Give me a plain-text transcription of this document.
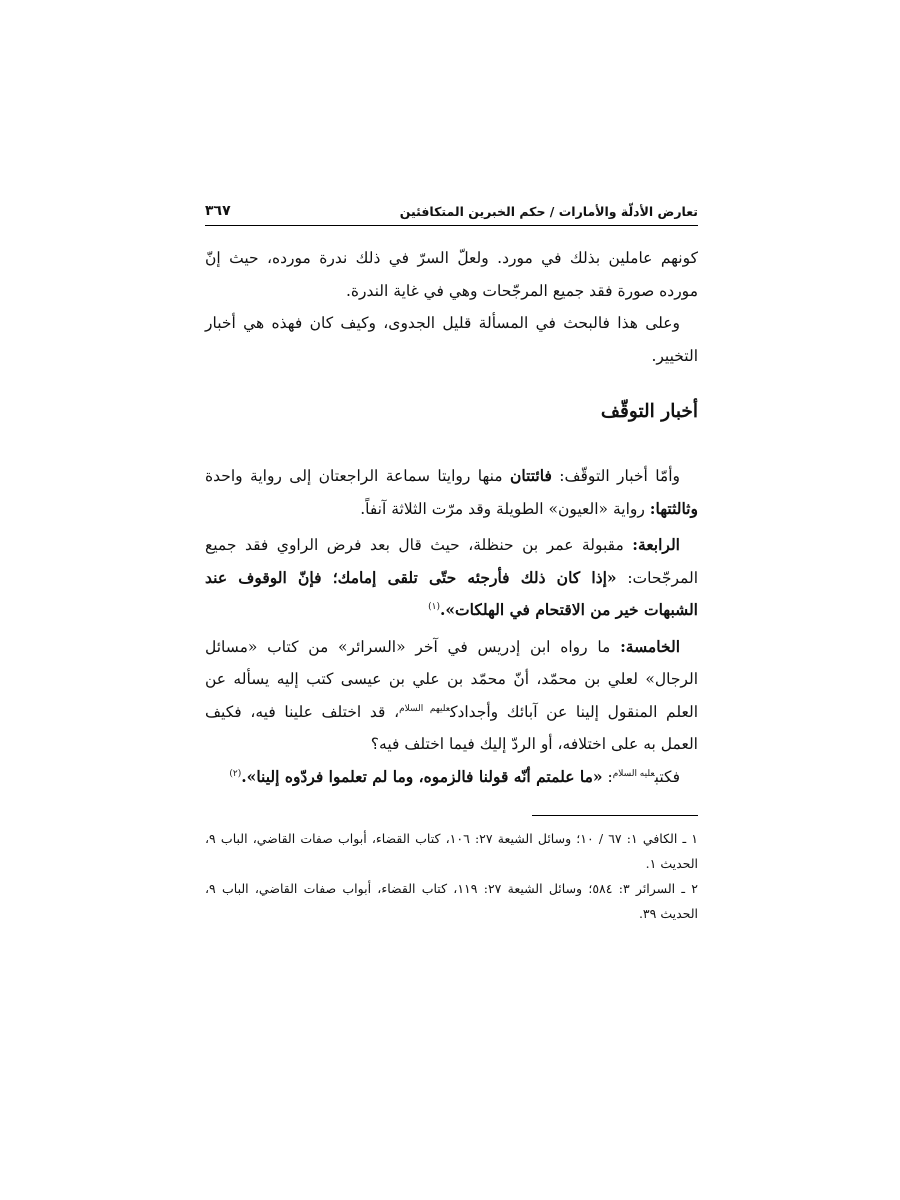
تعارض الأدلّة والأمارات / حكم الخبرين المتكافئين
٣٦٧

كونهم عاملين بذلك في مورد. ولعلّ السرّ في ذلك ندرة مورده، حيث إنّ مورده صورة فقد جميع المرجّحات وهي في غاية الندرة.

وعلى هذا فالبحث في المسألة قليل الجدوى، وكيف كان فهذه هي أخبار التخيير.

أخبار التوقّف

وأمّا أخبار التوقّف: فائتتان منها روايتا سماعة الراجعتان إلى رواية واحدة وثالثتها: رواية «العيون» الطويلة وقد مرّت الثلاثة آنفاً.

الرابعة: مقبولة عمر بن حنظلة، حيث قال بعد فرض الراوي فقد جميع المرجّحات: «إذا كان ذلك فأرجئه حتّى تلقى إمامك؛ فإنّ الوقوف عند الشبهات خير من الاقتحام في الهلكات».$^{(١)}$

الخامسة: ما رواه ابن إدريس في آخر «السرائر» من كتاب «مسائل الرجال» لعلي بن محمّد، أنّ محمّد بن علي بن عيسى كتب إليه يسأله عن العلم المنقول إلينا عن آبائك وأجدادك$^{عليهم السلام}$، قد اختلف علينا فيه، فكيف العمل به على اختلافه، أو الردّ إليك فيما اختلف فيه؟

فكتب$^{عليه السلام}$: «ما علمتم أنّه قولنا فالزموه، وما لم تعلموا فردّوه إلينا».$^{(٢)}$

١ ـ الكافي ١: ٦٧ / ١٠؛ وسائل الشيعة ٢٧: ١٠٦، كتاب القضاء، أبواب صفات القاضي، الباب ٩، الحديث ١.

٢ ـ السرائر ٣: ٥٨٤؛ وسائل الشيعة ٢٧: ١١٩، كتاب القضاء، أبواب صفات القاضي، الباب ٩، الحديث ٣٩.
